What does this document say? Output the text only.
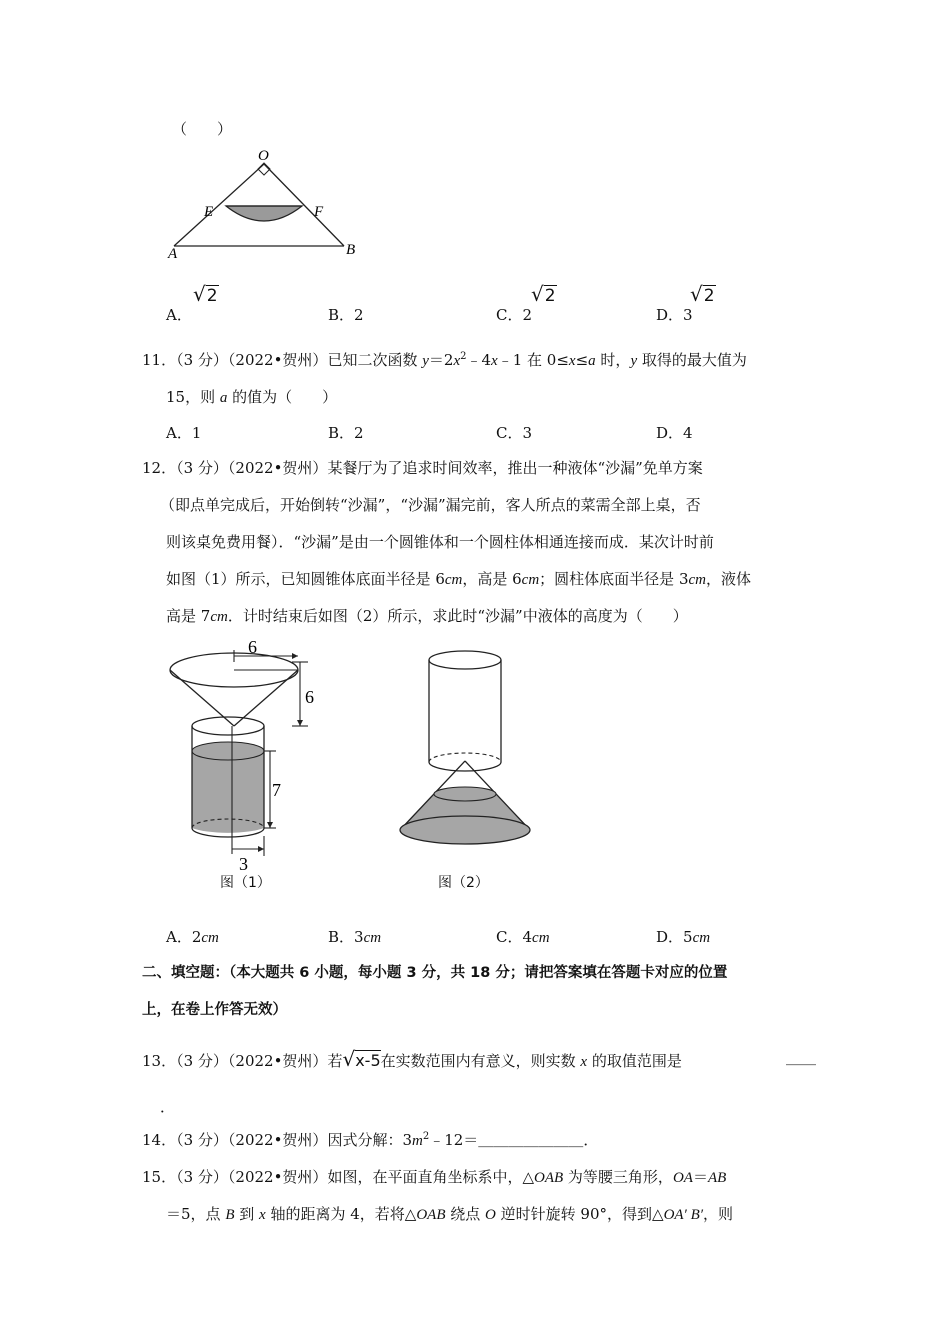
（　　）
O
E	F
A	B
A．
√2
B．2	C．2
√2
D．3
√2
11．（3 分）（2022•贺州）已知二次函数 $y=2x^2﹣4x﹣1$ 在 0≤x≤a 时，y 取得的最大值为
15，则 a 的值为（　　）
A．1	B．2	C．3	D．4
12．（3 分）（2022•贺州）某餐厅为了追求时间效率，推出一种液体“沙漏”免单方案
（即点单完成后，开始倒转“沙漏”，“沙漏”漏完前，客人所点的菜需全部上桌，否
则该桌免费用餐）．“沙漏”是由一个圆锥体和一个圆柱体相通连接而成．某次计时前
如图（1）所示，已知圆锥体底面半径是 6cm，高是 6cm；圆柱体底面半径是 3cm，液体
高是 7cm．计时结束后如图（2）所示，求此时“沙漏”中液体的高度为（　　）
6
6
7
3
图（1）	图（2）
A．2cm	B．3cm	C．4cm	D．5cm
二、填空题：（本大题共 6 小题，每小题 3 分，共 18 分；请把答案填在答题卡对应的位置
上，在卷上作答无效）
13．（3 分）（2022•贺州）若√x-5在实数范围内有意义，则实数 x 的取值范围是	＿＿
．
14．（3 分）（2022•贺州）因式分解：$3m^2﹣12=\_\_\_\_\_\_\_$．
15．（3 分）（2022•贺州）如图，在平面直角坐标系中，△OAB 为等腰三角形，OA＝AB
＝5，点 B 到 x 轴的距离为 4，若将△OAB 绕点 O 逆时针旋转 90°，得到△OA′ B′，则
